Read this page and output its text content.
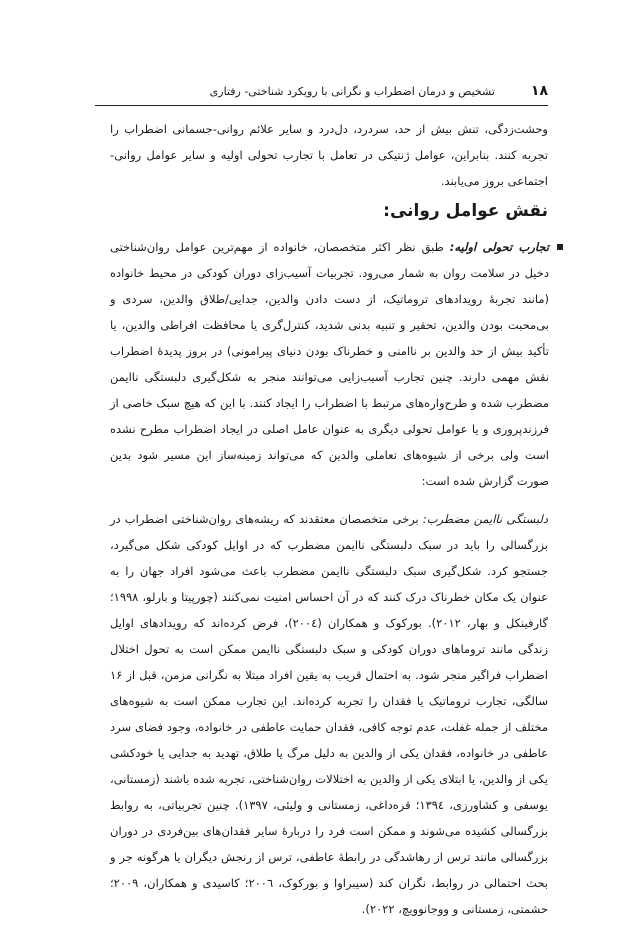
۱۸
تشخیص و درمان اضطراب و نگرانی با رویکرد شناختی- رفتاری

وحشت‌زدگی، تنش بیش از حد، سردرد، دل‌درد و سایر علائم روانی-جسمانی اضطراب را تجربه کنند. بنابراین، عوامل ژنتیکی در تعامل با تجارب تحولی اولیه و سایر عوامل روانی-اجتماعی بروز می‌یابند.

نقش عوامل روانی:

تجارب تحولی اولیه: طبق نظر اکثر متخصصان، خانواده از مهم‌ترین عوامل روان‌شناختی دخیل در سلامت روان به شمار می‌رود. تجربیات آسیب‌زای دوران کودکی در محیط خانواده (مانند تجربهٔ رویدادهای تروماتیک، از دست دادن والدین، جدایی/طلاق والدین، سردی و بی‌محبت بودن والدین، تحقیر و تنبیه بدنی شدید، کنترل‌گری یا محافظت افراطی والدین، یا تأکید بیش از حد والدین بر ناامنی و خطرناک بودن دنیای پیرامونی) در بروز پدیدهٔ اضطراب نقش مهمی دارند. چنین تجارب آسیب‌زایی می‌توانند منجر به شکل‌گیری دلبستگی ناایمن مضطرب شده و طرح‌واره‌های مرتبط با اضطراب را ایجاد کنند. با این که هیچ سبک خاصی از فرزندپروری و یا عوامل تحولی دیگری به عنوان عامل اصلی در ایجاد اضطراب مطرح نشده است ولی برخی از شیوه‌های تعاملی والدین که می‌تواند زمینه‌ساز این مسیر شود بدین صورت گزارش شده است:

دلبستگی ناایمن مضطرب: برخی متخصصان معتقدند که ریشه‌های روان‌شناختی اضطراب در بزرگسالی را باید در سبک دلبستگی ناایمن مضطرب که در اوایل کودکی شکل می‌گیرد، جستجو کرد. شکل‌گیری سبک دلبستگی ناایمن مضطرب باعث می‌شود افراد جهان را به عنوان یک مکان خطرناک درک کنند که در آن احساس امنیت نمی‌کنند (چورپیتا و بارلو، ۱۹۹۸؛ گارفینکل و بهار، ۲۰۱۲). بورکوک و همکاران (۲۰۰٤)، فرض کرده‌اند که رویدادهای اوایل زندگی مانند تروماهای دوران کودکی و سبک دلبستگی ناایمن ممکن است به تحول اختلال اضطراب فراگیر منجر شود. به احتمال قریب به یقین افراد مبتلا به نگرانی مزمن، قبل از ۱۶ سالگی، تجارب تروماتیک یا فقدان را تجربه کرده‌اند. این تجارب ممکن است به شیوه‌های مختلف از جمله غفلت، عدم توجه کافی، فقدان حمایت عاطفی در خانواده، وجود فضای سرد عاطفی در خانواده، فقدان یکی از والدین به دلیل مرگ یا طلاق، تهدید به جدایی یا خودکشی یکی از والدین، یا ابتلای یکی از والدین به اختلالات روان‌شناختی، تجربه شده باشند (زمستانی، یوسفی و کشاورزی، ۱۳۹٤؛ قره‌داغی، زمستانی و ولیئی، ۱۳۹۷). چنین تجربیاتی، به روابط بزرگسالی کشیده می‌شوند و ممکن است فرد را دربارهٔ سایر فقدان‌های بین‌فردی در دوران بزرگسالی مانند ترس از رهاشدگی در رابطهٔ عاطفی، ترس از رنجش دیگران یا هرگونه جر و بحث احتمالی در روابط، نگران کند (سیبراوا و بورکوک، ۲۰۰٦؛ کاسیدی و همکاران، ۲۰۰۹؛ حشمتی، زمستانی و ووجانوویچ، ۲۰۲۲).
